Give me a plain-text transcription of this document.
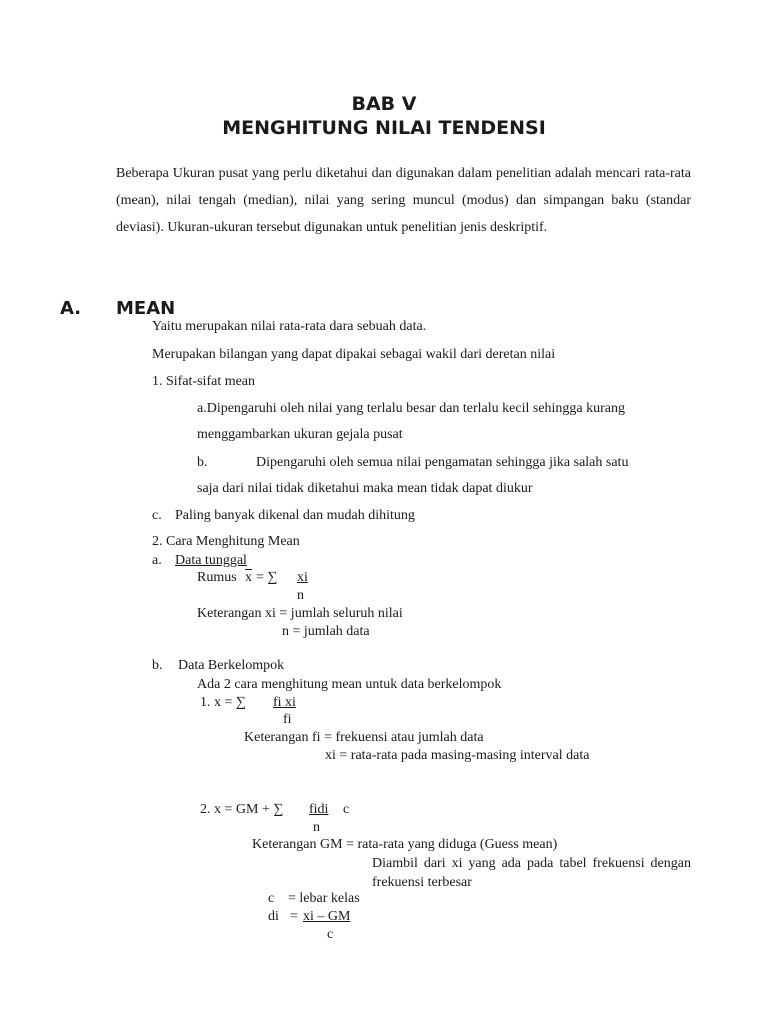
BAB V
MENGHITUNG NILAI TENDENSI
Beberapa Ukuran pusat yang perlu diketahui dan digunakan dalam penelitian adalah mencari rata-rata (mean), nilai tengah (median), nilai yang sering muncul (modus) dan simpangan baku (standar deviasi). Ukuran-ukuran tersebut digunakan untuk penelitian jenis deskriptif.
A. MEAN
Yaitu merupakan nilai rata-rata dara sebuah data.
Merupakan bilangan yang dapat dipakai sebagai wakil dari deretan nilai
1. Sifat-sifat mean
a.Dipengaruhi oleh nilai yang terlalu besar dan terlalu kecil sehingga kurang
menggambarkan ukuran gejala pusat
b.	Dipengaruhi oleh semua nilai pengamatan sehingga jika salah satu
saja dari nilai tidak diketahui maka mean tidak dapat diukur
c. Paling banyak dikenal dan mudah dihitung
2. Cara Menghitung Mean
a. Data tunggal
Rumus $\overline{x}$ = ∑ xi
n
Keterangan xi = jumlah seluruh nilai
n = jumlah data
b. Data Berkelompok
Ada 2 cara menghitung mean untuk data berkelompok
1. x = ∑	fi xi
fi
Keterangan fi = frekuensi atau jumlah data
xi = rata-rata pada masing-masing interval data
2. x = GM + ∑ fidi c
n
Keterangan GM = rata-rata yang diduga (Guess mean)
Diambil dari xi yang ada pada tabel frekuensi dengan frekuensi terbesar
c = lebar kelas
di = xi – GM
c
